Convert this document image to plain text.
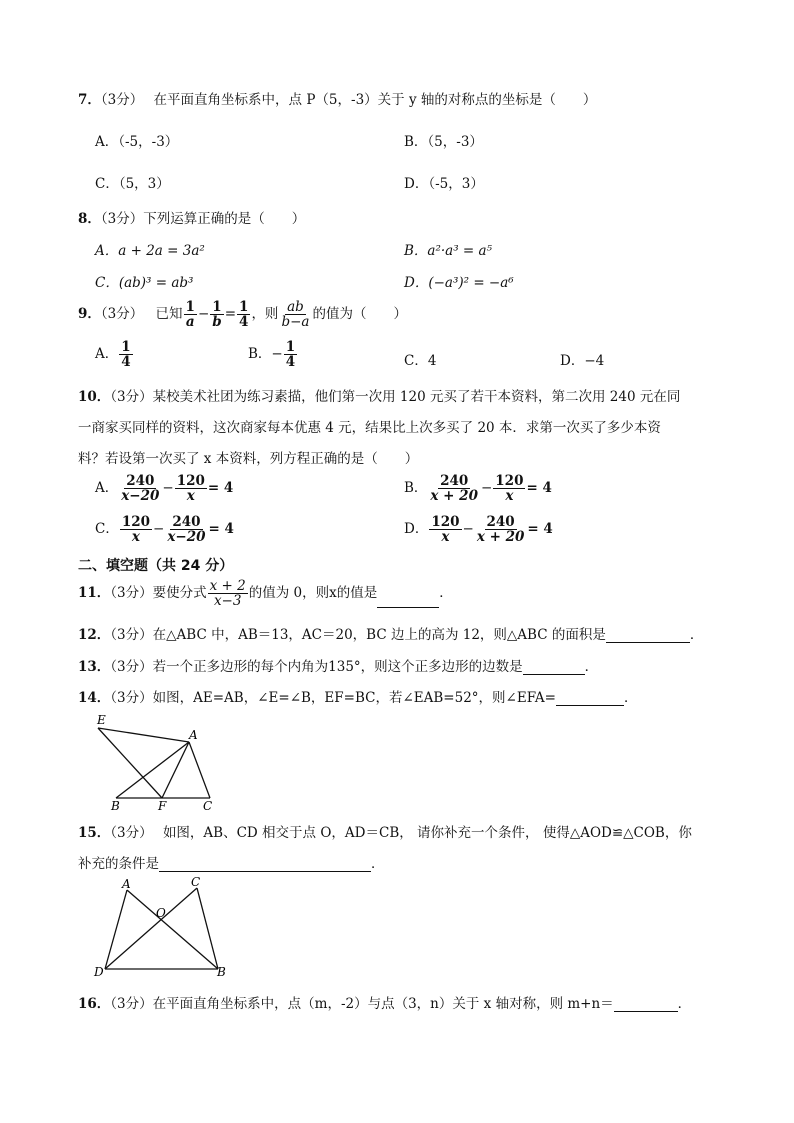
7．（3分） 在平面直角坐标系中，点 P（5，-3）关于 y 轴的对称点的坐标是（　　）
A．（-5，-3）	B．（5，-3）
C．（5，3）	D．（-5，3）
8．（3分）下列运算正确的是（　　）
A．a + 2a = 3a²	B．a²·a³ = a⁵
C．(ab)³ = ab³	D．(−a³)² = −a⁶
9．（3分） 已知 $\frac{1}{a} - \frac{1}{b} = \frac{1}{4}$ ，则 $\frac{ab}{b-a}$ 的值为（　　）
A． $\frac{1}{4}$	B．− $\frac{1}{4}$	C．4	D．−4
10．（3分）某校美术社团为练习素描，他们第一次用 120 元买了若干本资料，第二次用 240 元在同
一商家买同样的资料，这次商家每本优惠 4 元，结果比上次多买了 20 本．求第一次买了多少本资
料？若设第一次买了 x 本资料，列方程正确的是（　　）
A． $\frac{240}{x-20} - \frac{120}{x} = 4$	B． $\frac{240}{x + 20} - \frac{120}{x} = 4$
C． $\frac{120}{x} - \frac{240}{x-20} = 4$	D． $\frac{120}{x} - \frac{240}{x + 20} = 4$
二、填空题（共 24 分）
11．（3分）要使分式 $\frac{x + 2}{x-3}$ 的值为 0，则x的值是	．
12．（3分）在△ABC 中，AB＝13，AC＝20，BC 边上的高为 12，则△ABC 的面积是	．
13．（3分）若一个正多边形的每个内角为135°，则这个正多边形的边数是	．
14．（3分）如图，AE=AB，∠E=∠B，EF=BC，若∠EAB=52°，则∠EFA=	．
E
A
B	F	C
15．（3分） 如图，AB、CD 相交于点 O，AD＝CB， 请你补充一个条件， 使得△AOD≌△COB，你
补充的条件是	．
A	C
O
D	B
16．（3分）在平面直角坐标系中，点（m，-2）与点（3，n）关于 x 轴对称，则 m+n＝	．
